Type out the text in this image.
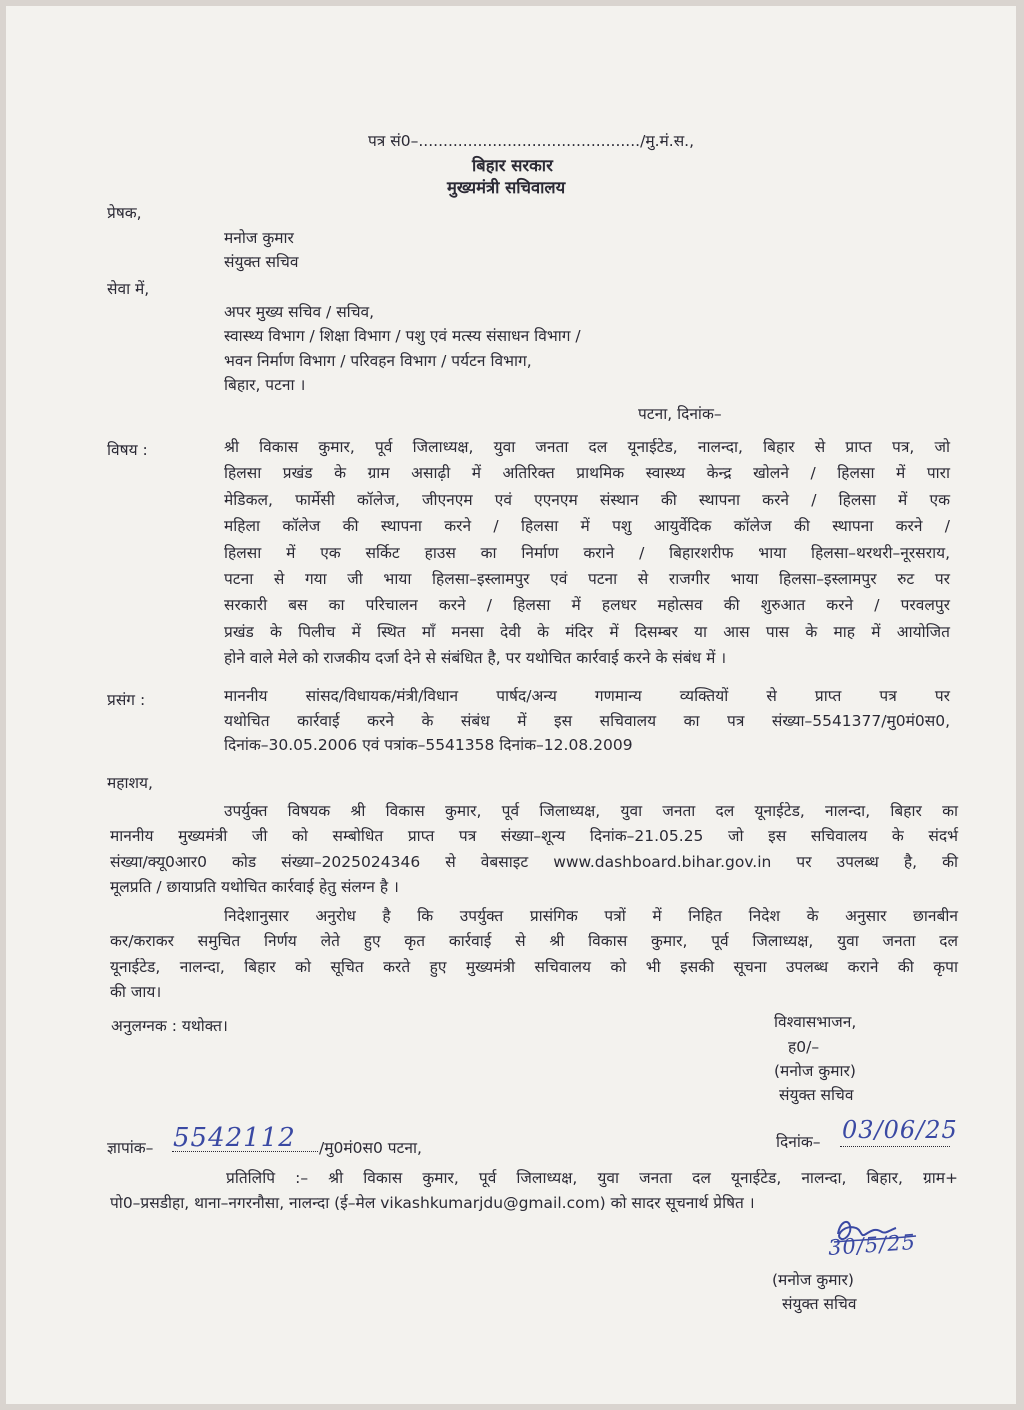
पत्र सं0–............................................./मु.मं.स.,
बिहार सरकार
मुख्यमंत्री सचिवालय
प्रेषक,
मनोज कुमार
संयुक्त सचिव
सेवा में,
अपर मुख्य सचिव / सचिव,
स्वास्थ्य विभाग / शिक्षा विभाग / पशु एवं मत्स्य संसाधन विभाग /
भवन निर्माण विभाग / परिवहन विभाग / पर्यटन विभाग,
बिहार, पटना ।
पटना, दिनांक–
विषय :	श्री विकास कुमार, पूर्व जिलाध्यक्ष, युवा जनता दल यूनाईटेड, नालन्दा, बिहार से प्राप्त पत्र, जो
हिलसा प्रखंड के ग्राम असाढ़ी में अतिरिक्त प्राथमिक स्वास्थ्य केन्द्र खोलने / हिलसा में पारा
मेडिकल, फार्मेसी कॉलेज, जीएनएम एवं एएनएम संस्थान की स्थापना करने / हिलसा में एक
महिला कॉलेज की स्थापना करने / हिलसा में पशु आयुर्वेदिक कॉलेज की स्थापना करने /
हिलसा में एक सर्किट हाउस का निर्माण कराने / बिहारशरीफ भाया हिलसा–थरथरी–नूरसराय,
पटना से गया जी भाया हिलसा–इस्लामपुर एवं पटना से राजगीर भाया हिलसा–इस्लामपुर रुट पर
सरकारी बस का परिचालन करने / हिलसा में हलधर महोत्सव की शुरुआत करने / परवलपुर
प्रखंड के पिलीच में स्थित माँ मनसा देवी के मंदिर में दिसम्बर या आस पास के माह में आयोजित
होने वाले मेले को राजकीय दर्जा देने से संबंधित है, पर यथोचित कार्रवाई करने के संबंध में ।
प्रसंग :	माननीय सांसद/विधायक/मंत्री/विधान पार्षद/अन्य गणमान्य व्यक्तियों से प्राप्त पत्र पर
यथोचित कार्रवाई करने के संबंध में इस सचिवालय का पत्र संख्या–5541377/मु0मं0स0,
दिनांक–30.05.2006 एवं पत्रांक–5541358 दिनांक–12.08.2009
महाशय,
उपर्युक्त विषयक श्री विकास कुमार, पूर्व जिलाध्यक्ष, युवा जनता दल यूनाईटेड, नालन्दा, बिहार का
माननीय मुख्यमंत्री जी को सम्बोधित प्राप्त पत्र संख्या–शून्य दिनांक–21.05.25 जो इस सचिवालय के संदर्भ
संख्या/क्यू0आर0 कोड संख्या–2025024346 से वेबसाइट www.dashboard.bihar.gov.in पर उपलब्ध है, की
मूलप्रति / छायाप्रति यथोचित कार्रवाई हेतु संलग्न है ।
निदेशानुसार अनुरोध है कि उपर्युक्त प्रासंगिक पत्रों में निहित निदेश के अनुसार छानबीन
कर/कराकर समुचित निर्णय लेते हुए कृत कार्रवाई से श्री विकास कुमार, पूर्व जिलाध्यक्ष, युवा जनता दल
यूनाईटेड, नालन्दा, बिहार को सूचित करते हुए मुख्यमंत्री सचिवालय को भी इसकी सूचना उपलब्ध कराने की कृपा
की जाय।
अनुलग्नक : यथोक्त।	विश्वासभाजन,
ह0/–
(मनोज कुमार)
संयुक्त सचिव
ज्ञापांक– 5542112 /मु0मं0स0 पटना,	दिनांक– 03/06/25
प्रतिलिपि :– श्री विकास कुमार, पूर्व जिलाध्यक्ष, युवा जनता दल यूनाईटेड, नालन्दा, बिहार, ग्राम+
पो0–प्रसडीहा, थाना–नगरनौसा, नालन्दा (ई–मेल vikashkumarjdu@gmail.com) को सादर सूचनार्थ प्रेषित ।
30/5/25
(मनोज कुमार)
संयुक्त सचिव
